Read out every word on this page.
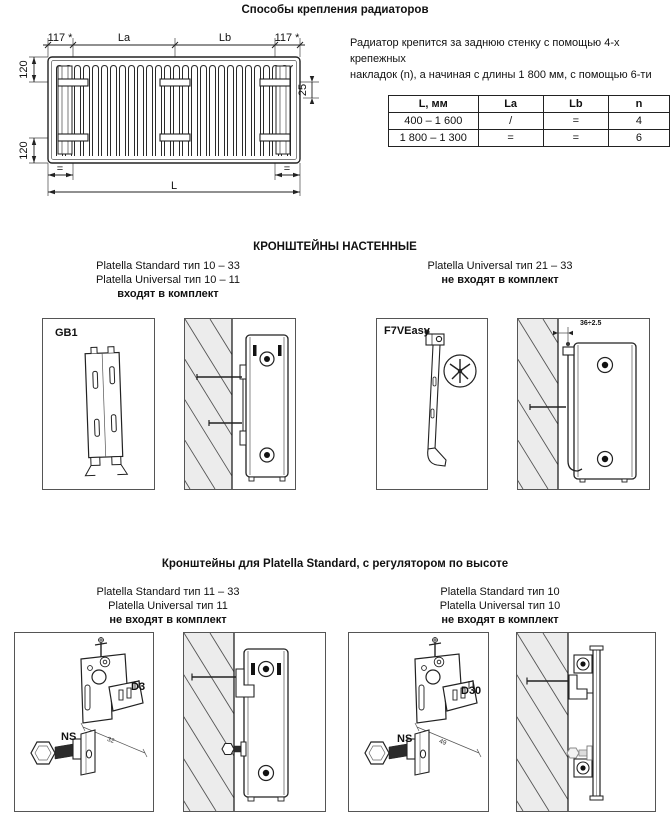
Способы крепления радиаторов
117 *	La	Lb	117 *
120
120
25
=	=
L
Радиатор крепится за заднюю стенку с помощью 4-х крепежных
накладок (n), а начиная с длины 1 800 мм, с помощью 6-ти
L, мм	La	Lb	n
400 – 1 600	/	=	4
1 800 – 1 300	=	=	6
КРОНШТЕЙНЫ НАСТЕННЫЕ
Platella Standard тип 10 – 33
Platella Universal тип 10 – 11
входят в комплект
Platella Universal тип 21 – 33
не входят в комплект
GB1	F7VEasy
36÷2.5
Кронштейны для Platella Standard, с регулятором по высоте
Platella Standard тип 11 – 33
Platella Universal тип 11
не входят в комплект
Platella Standard тип 10
Platella Universal тип 10
не входят в комплект
D3
NS	32
D30
NS	49
